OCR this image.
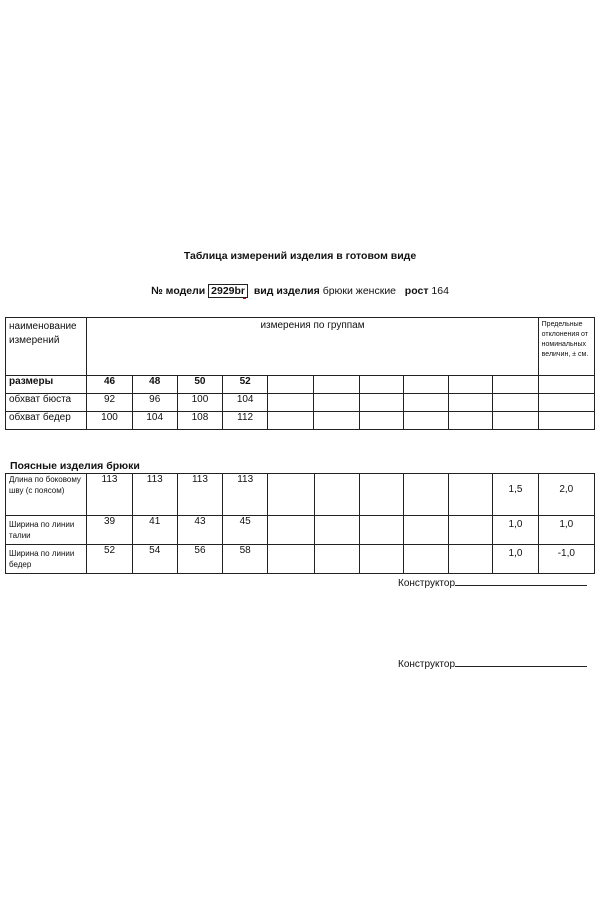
Таблица измерений изделия в готовом виде
№ модели 2929br вид изделия брюки женские рост 164
наименование измерений	измерения по группам										Предельные отклонения от номинальных величин, ± см.
размеры	46	48	50	52							
обхват бюста	92	96	100	104							
обхват бедер	100	104	108	112							
Поясные изделия брюки
Длина по боковому шву (с поясом)	113	113	113	113						1,5	2,0
Ширина по линии талии	39	41	43	45						1,0	1,0
Ширина по линии бедер	52	54	56	58						1,0	-1,0
Конструктор
Конструктор
